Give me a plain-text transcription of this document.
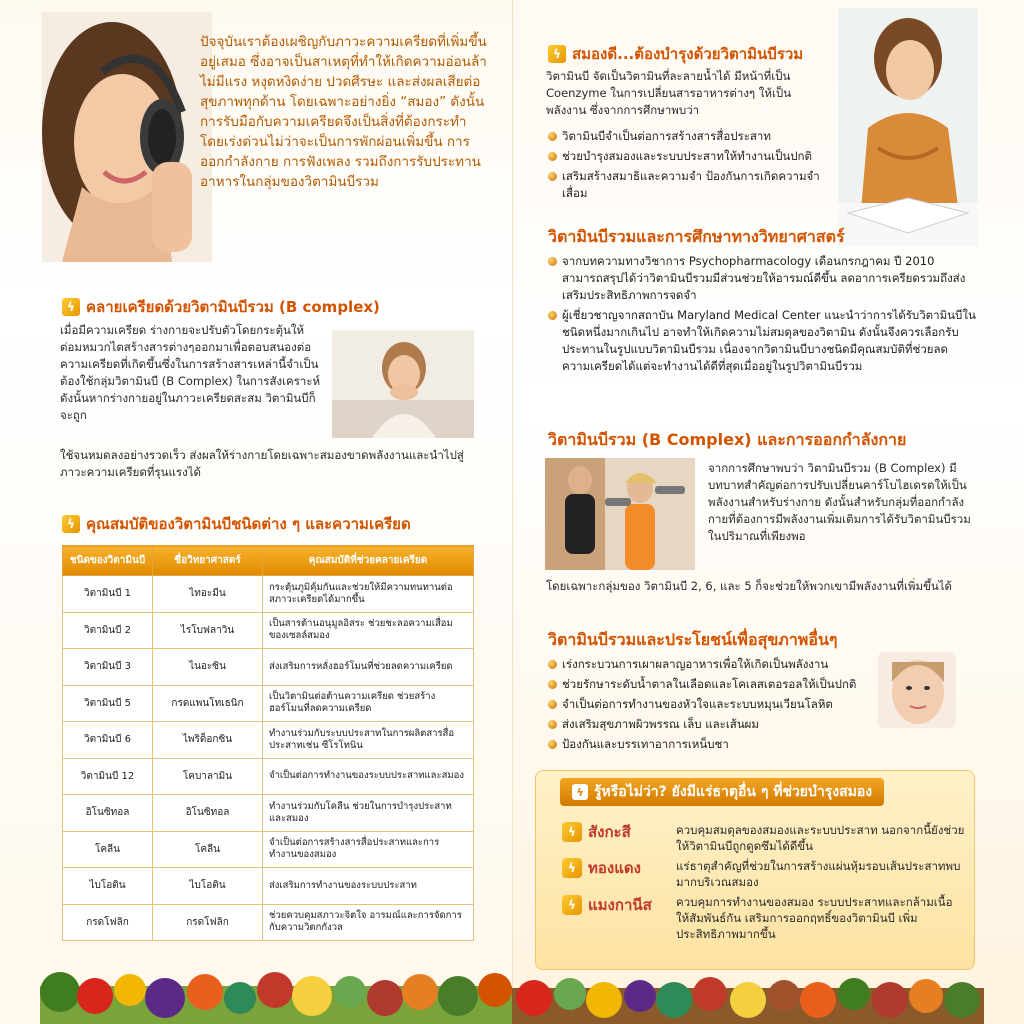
ปัจจุบันเราต้องเผชิญกับภาวะความเครียดที่เพิ่มขึ้นอยู่เสมอ ซึ่งอาจเป็นสาเหตุที่ทำให้เกิดความอ่อนล้า ไม่มีแรง หงุดหงิดง่าย ปวดศีรษะ และส่งผลเสียต่อสุขภาพทุกด้าน โดยเฉพาะอย่างยิ่ง “สมอง” ดังนั้นการรับมือกับความเครียดจึงเป็นสิ่งที่ต้องกระทำโดยเร่งด่วนไม่ว่าจะเป็นการพักผ่อนเพิ่มขึ้น การออกกำลังกาย การฟังเพลง รวมถึงการรับประทานอาหารในกลุ่มของวิตามินบีรวม
ϟ คลายเครียดด้วยวิตามินบีรวม (B complex)
เมื่อมีความเครียด ร่างกายจะปรับตัวโดยกระตุ้นให้ต่อมหมวกไตสร้างสารต่างๆออกมาเพื่อตอบสนองต่อความเครียดที่เกิดขึ้นซึ่งในการสร้างสารเหล่านี้จำเป็นต้องใช้กลุ่มวิตามินบี (B Complex) ในการสังเคราะห์ ดังนั้นหากร่างกายอยู่ในภาวะเครียดสะสม วิตามินบีก็จะถูก
ใช้จนหมดลงอย่างรวดเร็ว ส่งผลให้ร่างกายโดยเฉพาะสมองขาดพลังงานและนำไปสู่ภาวะความเครียดที่รุนแรงได้
ϟ คุณสมบัติของวิตามินบีชนิดต่าง ๆ และความเครียด
ชนิดของวิตามินบี	ชื่อวิทยาศาสตร์	คุณสมบัติที่ช่วยคลายเครียด
วิตามินบี 1	ไทอะมีน	กระตุ้นภูมิคุ้มกันและช่วยให้มีความทนทานต่อสภาวะเครียดได้มากขึ้น
วิตามินบี 2	ไรโบฟลาวิน	เป็นสารต้านอนุมูลอิสระ ช่วยชะลอความเสื่อมของเซลล์สมอง
วิตามินบี 3	ไนอะซิน	ส่งเสริมการหลั่งฮอร์โมนที่ช่วยลดความเครียด
วิตามินบี 5	กรดแพนโทเธนิก	เป็นวิตามินต่อต้านความเครียด ช่วยสร้างฮอร์โมนที่ลดความเครียด
วิตามินบี 6	ไพริด็อกซิน	ทำงานร่วมกับระบบประสาทในการผลิตสารสื่อประสาทเช่น ซีโรโทนิน
วิตามินบี 12	โคบาลามิน	จำเป็นต่อการทำงานของระบบประสาทและสมอง
อิโนซิทอล	อิโนซิทอล	ทำงานร่วมกับโคลีน ช่วยในการบำรุงประสาทและสมอง
โคลีน	โคลีน	จำเป็นต่อการสร้างสารสื่อประสาทและการทำงานของสมอง
ไบโอติน	ไบโอติน	ส่งเสริมการทำงานของระบบประสาท
กรดโฟลิก	กรดโฟลิก	ช่วยควบคุมสภาวะจิตใจ อารมณ์และการจัดการกับความวิตกกังวล
ϟ สมองดี...ต้องบำรุงด้วยวิตามินบีรวม
วิตามินบี จัดเป็นวิตามินที่ละลายน้ำได้ มีหน้าที่เป็น Coenzyme ในการเปลี่ยนสารอาหารต่างๆ ให้เป็นพลังงาน ซึ่งจากการศึกษาพบว่า
วิตามินบีจำเป็นต่อการสร้างสารสื่อประสาท
ช่วยบำรุงสมองและระบบประสาทให้ทำงานเป็นปกติ
เสริมสร้างสมาธิและความจำ ป้องกันการเกิดความจำเสื่อม
วิตามินบีรวมและการศึกษาทางวิทยาศาสตร์
จากบทความทางวิชาการ Psychopharmacology เดือนกรกฎาคม ปี 2010 สามารถสรุปได้ว่าวิตามินบีรวมมีส่วนช่วยให้อารมณ์ดีขึ้น ลดอาการเครียดรวมถึงส่งเสริมประสิทธิภาพการจดจำ
ผู้เชี่ยวชาญจากสถาบัน Maryland Medical Center แนะนำว่าการได้รับวิตามินบีในชนิดหนึ่งมากเกินไป อาจทำให้เกิดความไม่สมดุลของวิตามิน ดังนั้นจึงควรเลือกรับประทานในรูปแบบวิตามินบีรวม เนื่องจากวิตามินบีบางชนิดมีคุณสมบัติที่ช่วยลดความเครียดได้แต่จะทำงานได้ดีที่สุดเมื่ออยู่ในรูปวิตามินบีรวม
วิตามินบีรวม (B Complex) และการออกกำลังกาย
จากการศึกษาพบว่า วิตามินบีรวม (B Complex) มีบทบาทสำคัญต่อการปรับเปลี่ยนคาร์โบไฮเดรตให้เป็นพลังงานสำหรับร่างกาย ดังนั้นสำหรับกลุ่มที่ออกกำลังกายที่ต้องการมีพลังงานเพิ่มเติมการได้รับวิตามินบีรวมในปริมาณที่เพียงพอ
โดยเฉพาะกลุ่มของ วิตามินบี 2, 6, และ 5 ก็จะช่วยให้พวกเขามีพลังงานที่เพิ่มขึ้นได้
วิตามินบีรวมและประโยชน์เพื่อสุขภาพอื่นๆ
เร่งกระบวนการเผาผลาญอาหารเพื่อให้เกิดเป็นพลังงาน
ช่วยรักษาระดับน้ำตาลในเลือดและโคเลสเตอรอลให้เป็นปกติ
จำเป็นต่อการทำงานของหัวใจและระบบหมุนเวียนโลหิต
ส่งเสริมสุขภาพผิวพรรณ เล็บ และเส้นผม
ป้องกันและบรรเทาอาการเหน็บชา
ϟ รู้หรือไม่ว่า? ยังมีแร่ธาตุอื่น ๆ ที่ช่วยบำรุงสมอง
ϟ สังกะสี	ควบคุมสมดุลของสมองและระบบประสาท นอกจากนี้ยังช่วยให้วิตามินบีถูกดูดซึมได้ดีขึ้น
ϟ ทองแดง	แร่ธาตุสำคัญที่ช่วยในการสร้างแผ่นหุ้มรอบเส้นประสาทพบมากบริเวณสมอง
ϟ แมงกานีส ควบคุมการทำงานของสมอง ระบบประสาทและกล้ามเนื้อ ให้สัมพันธ์กัน เสริมการออกฤทธิ์ของวิตามินบี เพิ่มประสิทธิภาพมากขึ้น
